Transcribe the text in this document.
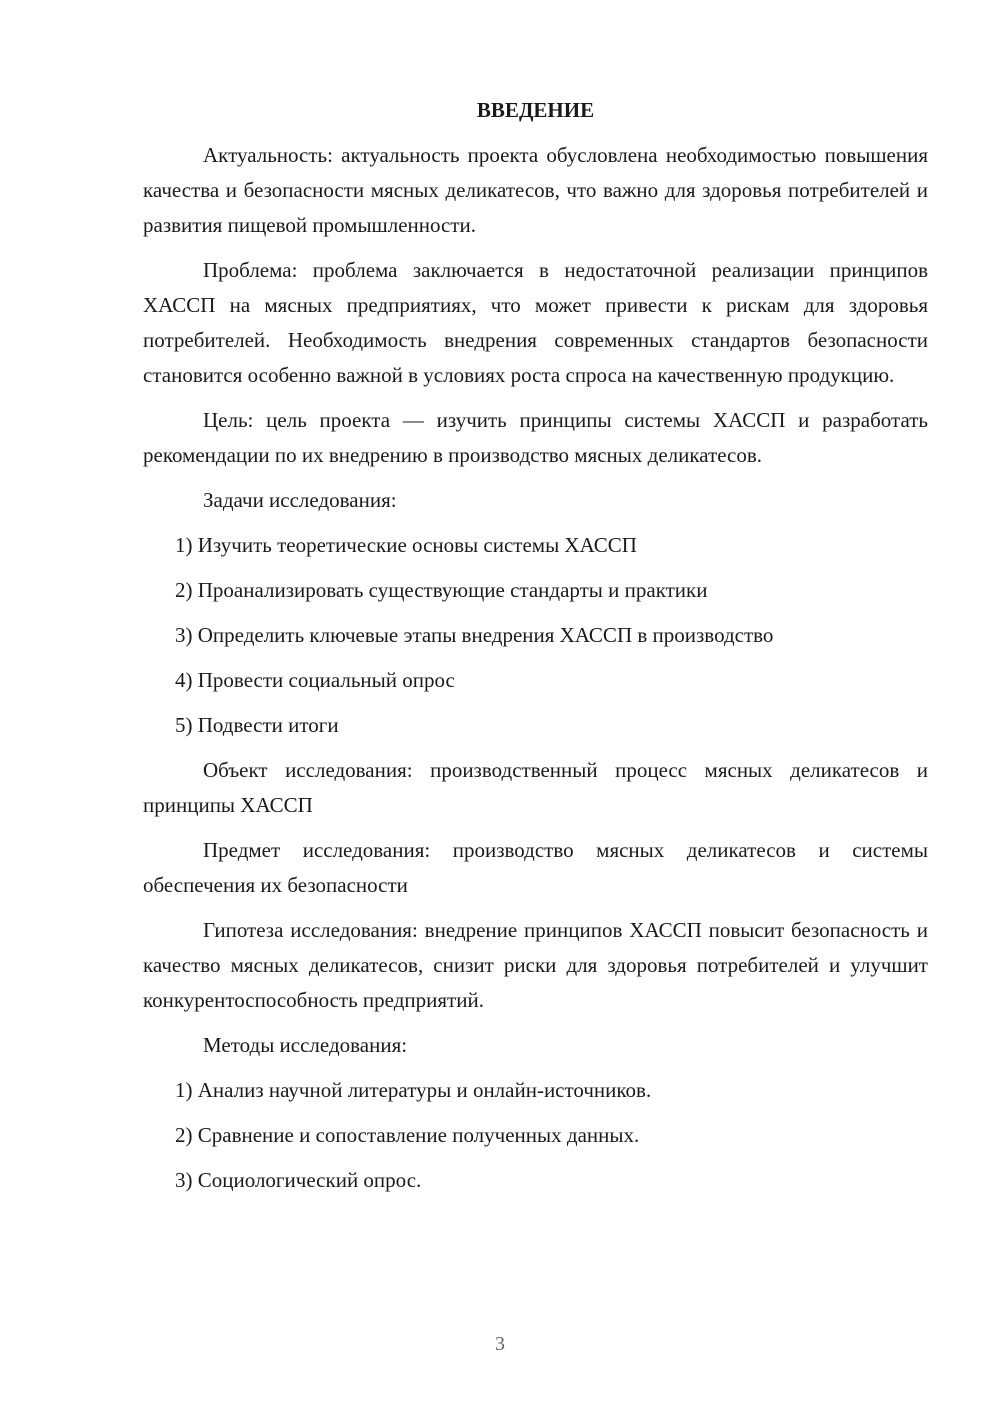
ВВЕДЕНИЕ
Актуальность: актуальность проекта обусловлена необходимостью повышения качества и безопасности мясных деликатесов, что важно для здоровья потребителей и развития пищевой промышленности.
Проблема: проблема заключается в недостаточной реализации принципов ХАССП на мясных предприятиях, что может привести к рискам для здоровья потребителей. Необходимость внедрения современных стандартов безопасности становится особенно важной в условиях роста спроса на качественную продукцию.
Цель: цель проекта — изучить принципы системы ХАССП и разработать рекомендации по их внедрению в производство мясных деликатесов.
Задачи исследования:
1) Изучить теоретические основы системы ХАССП
2) Проанализировать существующие стандарты и практики
3) Определить ключевые этапы внедрения ХАССП в производство
4) Провести социальный опрос
5) Подвести итоги
Объект исследования: производственный процесс мясных деликатесов и принципы ХАССП
Предмет исследования: производство мясных деликатесов и системы обеспечения их безопасности
Гипотеза исследования: внедрение принципов ХАССП повысит безопасность и качество мясных деликатесов, снизит риски для здоровья потребителей и улучшит конкурентоспособность предприятий.
Методы исследования:
1) Анализ научной литературы и онлайн-источников.
2) Сравнение и сопоставление полученных данных.
3) Социологический опрос.
3
